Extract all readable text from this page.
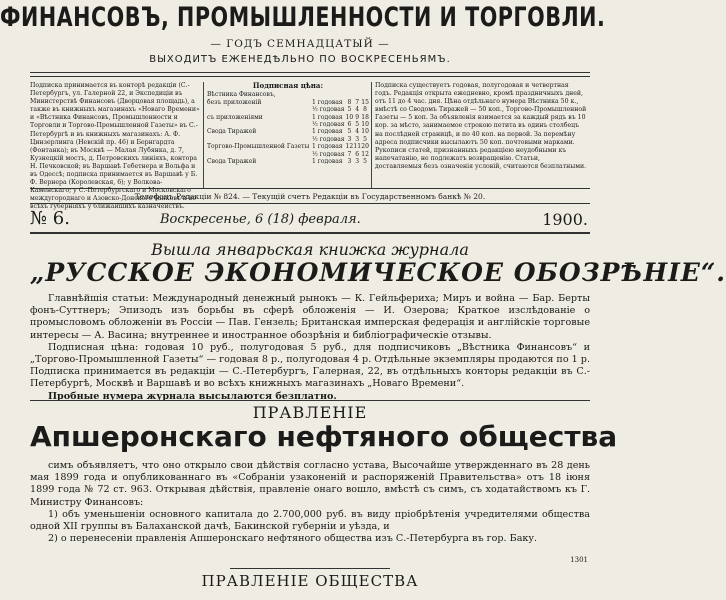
ФИНАНСОВЪ, ПРОМЫШЛЕННОСТИ И ТОРГОВЛИ.
— ГОДЪ СЕМНАДЦАТЫЙ —
ВЫХОДИТЪ ЕЖЕНЕДѢЛЬНО ПО ВОСКРЕСЕНЬЯМЪ.
Подписка принимается въ конторѣ редакціи (С.-Петербургъ, ул. Галерной 22, и Экспедиціи въ Министерствѣ Финансовъ (Дворцовая площадь), а также въ книжныхъ магазинахъ «Новаго Времени» и «Вѣстника Финансовъ, Промышленности и Торговли и Торгово-Промышленной Газеты» въ С.-Петербургѣ и въ книжныхъ магазинахъ: А. Ф. Цинзерлинга (Невскій пр. 46) и Бернгардта (Фонтанка); въ Москвѣ — Малая Лубянка, д. 7, Кузнецкій мостъ, д. Петровскихъ линіяхъ, контора Н. Печковской; въ Варшавѣ Гебетнера и Вольфа и въ Одессѣ; подписка принимается въ Варшавѣ у Б. Ф. Вернера (Королевская, 6); у Волкова-Каменскаго; у С.-Петербургскаго и Московскаго междугороднаго и Азовско-Донского банковъ и во всѣхъ губерніяхъ у ближайшихъ казначействъ.
Подписная цѣна:
Вѣстника Финансовъ,				
безъ приложеній	1 годовая	8	7	15
	½ годовая	5	4	8
съ приложеніями	1 годовая	10	9	18
	½ годовая	6	5	10
Свода Тиражей	1 годовая	5	4	10
	½ годовая	3	3	5
Торгово-Промышленной Газеты	1 годовая	12	11	20
	½ годовая	7	6	12
Свода Тиражей	1 годовая	3	3	5
Подписка существуетъ годовая, полугодовая и четвертная годъ. Редакція открыта ежедневно, кромѣ праздничныхъ дней, отъ 11 до 4 час. дня. Цѣна отдѣльнаго нумера Вѣстника 50 к., вмѣстѣ со Сводомъ Тиражей — 50 коп., Торгово-Промышленной Газеты — 5 коп. За объявленія взимается за каждый рядъ въ 10 кор. за мѣсто, занимаемое строкою петита въ одинъ столбецъ на послѣдней страницѣ, и по 40 коп. на первой. За перемѣну адреса подписчики высылаютъ 50 коп. почтовыми марками. Рукописи статей, признанныхъ редакціею неудобными къ напечатанію, не подлежатъ возвращенію. Статьи, доставляемыя безъ означенія условій, считаются безплатными.
Телефонъ Редакціи № 824. — Текущій счетъ Редакціи въ Государственномъ банкѣ № 20.
№ 6.	Воскресенье, 6 (18) февраля.	1900.
Вышла январьская книжка журнала
„РУССКОЕ ЭКОНОМИЧЕСКОЕ ОБОЗРѢНІЕ“.

Главнѣйшія статьи: Международный денежный рынокъ — К. Гейльфериха; Миръ и война — Бар. Берты фонъ-Суттнеръ; Эпизодъ изъ борьбы въ сферѣ обложенія — И. Озерова; Краткое изслѣдованіе о промысловомъ обложеніи въ Россіи — Пав. Гензель; Британская имперская федерація и англійскіе торговые интересы — А. Васина; внутреннее и иностранное обозрѣнія и библіографическіе отзывы.

Подписная цѣна: годовая 10 руб., полугодовая 5 руб., для подписчиковъ „Вѣстника Финансовъ“ и „Торгово-Промышленной Газеты“ — годовая 8 р., полугодовая 4 р. Отдѣльные экземпляры продаются по 1 р. Подписка принимается въ редакціи — С.-Петербургъ, Галерная, 22, въ отдѣльныхъ конторы редакціи въ С.-Петербургѣ, Москвѣ и Варшавѣ и во всѣхъ книжныхъ магазинахъ „Новаго Времени“.

Пробные нумера журнала высылаются безплатно.

ПРАВЛЕНІЕ
Апшеронскаго нефтяного общества

симъ объявляетъ, что оно открыло свои дѣйствія согласно устава, Высочайше утвержденнаго въ 28 день мая 1899 года и опубликованнаго въ «Собраніи узаконеній и распоряженій Правительства» отъ 18 іюня 1899 года № 72 ст. 963. Открывая дѣйствія, правленіе онаго вошло, вмѣстѣ съ симъ, съ ходатайствомъ къ Г. Министру Финансовъ:

1) объ уменьшеніи основного капитала до 2.700,000 руб. въ виду пріобрѣтенія учредителями общества одной XII группы въ Балаханской дачѣ, Бакинской губерніи и уѣзда, и

2) о перенесеніи правленія Апшеронскаго нефтяного общества изъ С.-Петербурга въ гор. Баку.

1301
ПРАВЛЕНІЕ ОБЩЕСТВА
